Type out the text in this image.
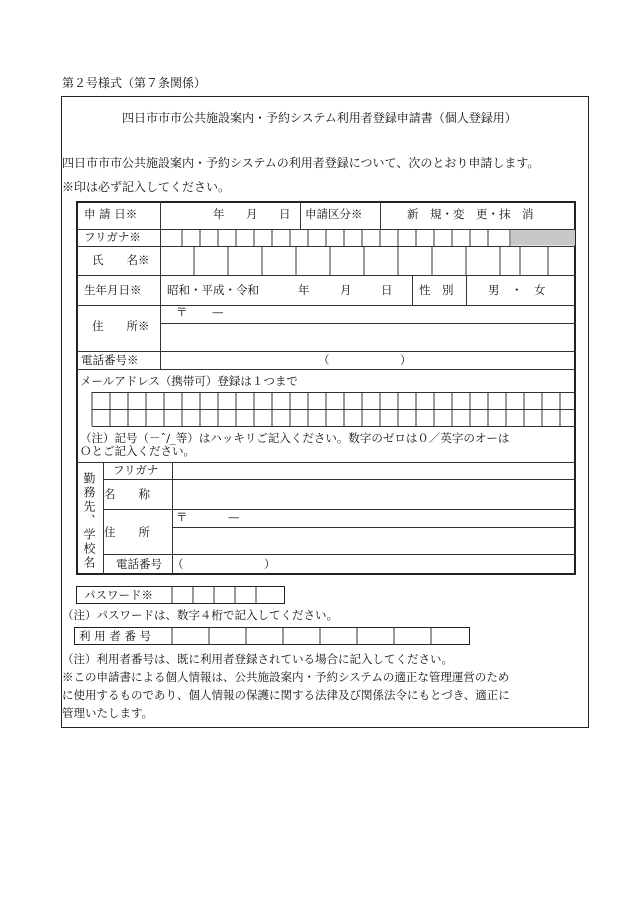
第２号様式（第７条関係）
四日市市市公共施設案内・予約システム利用者登録申請書（個人登録用）
四日市市市公共施設案内・予約システムの利用者登録について、次のとおり申請します。
※印は必ず記入してください。
申 請 日※	年 月 日 申請区分※	新　規・変　更・抹　消
フリガナ※
氏　　名※
生年月日※ 昭和・平成・令和	年	月	日 性　別	男　・　女
〒 —
住　　所※
電話番号※	（	）
メールアドレス（携帯可）登録は１つまで
（注）記号（－ˆ/_等）はハッキリご記入ください。数字のゼロは０／英字のオーは
Ｏとご記入ください。
勤務先、学校名
フリガナ
名　　称
〒	—
住　　所
電話番号 （	）
パスワード※
（注）パスワードは、数字４桁で記入してください。
利 用 者 番 号
（注）利用者番号は、既に利用者登録されている場合に記入してください。
※この申請書による個人情報は、公共施設案内・予約システムの適正な管理運営のため
に使用するものであり、個人情報の保護に関する法律及び関係法令にもとづき、適正に
管理いたします。
